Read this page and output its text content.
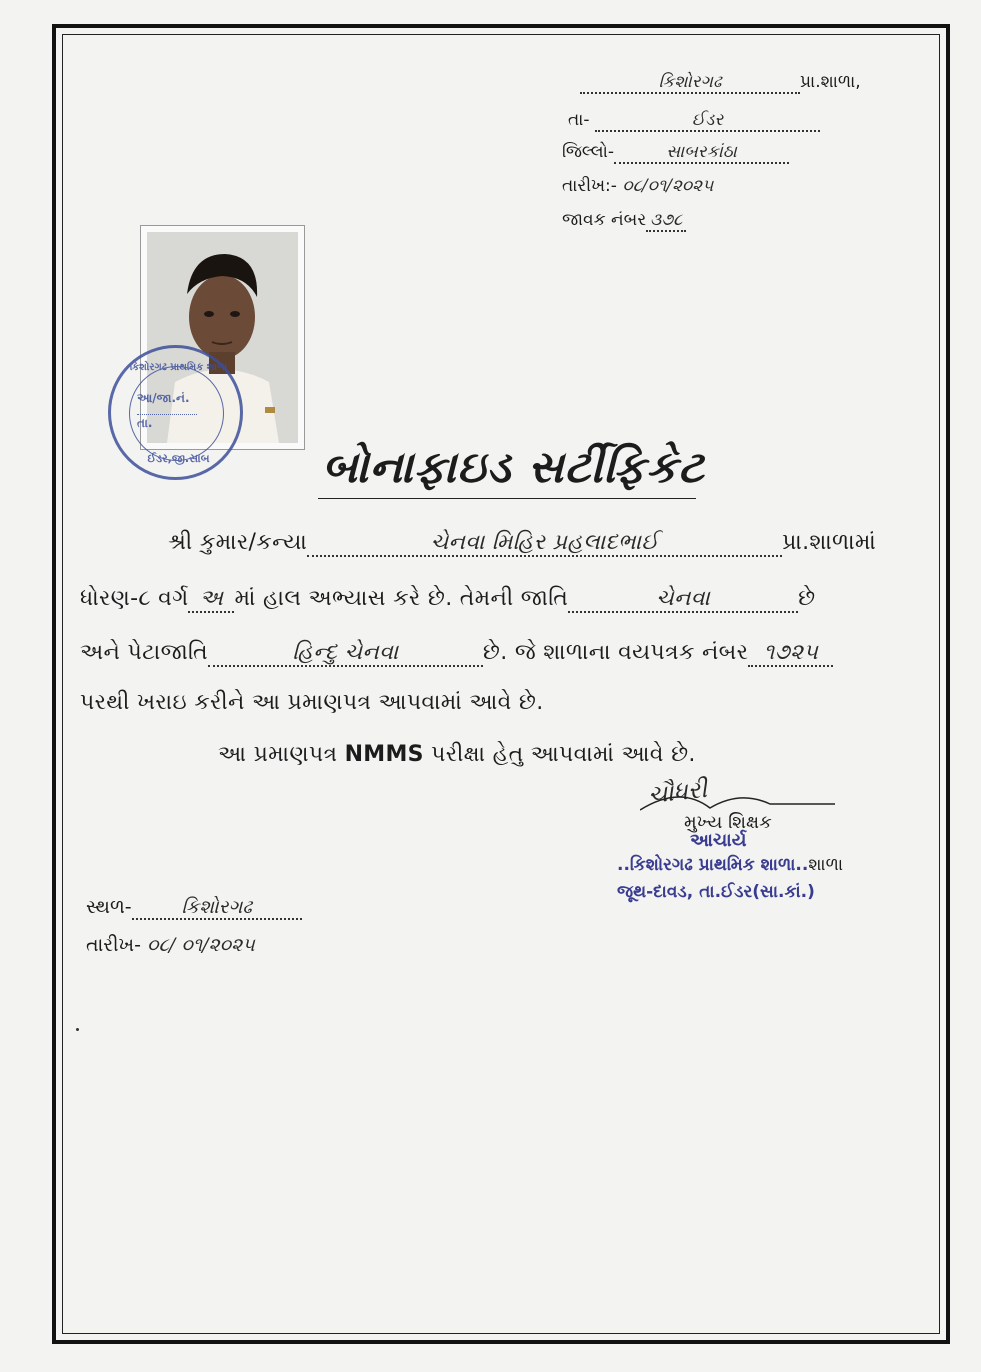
કિશોરગઢ	પ્રા.શાળા,
તા-	ઈડર
જિલ્લો-	સાબરકાંઠા
તારીખ:- ૦૮/૦૧/૨૦૨૫
જાવક નંબર ૩૭૮
કિશોરગઢ પ્રાથમિક શાળા
આ/જા.નં.
તા.
ઈડર,જી.સાબ	બોનાફાઇડ સર્ટીફિકેટ
શ્રી કુમાર/કન્યા	ચેનવા મિહિર પ્રહલાદભાઈ	પ્રા.શાળામાં
ધોરણ-૮ વર્ગ અ માં હાલ અભ્યાસ કરે છે. તેમની જાતિ	ચેનવા	છે
અને પેટાજાતિ	હિન્દુ ચેનવા	છે. જે શાળાના વયપત્રક નંબર ૧૭૨૫
પરથી ખરાઇ કરીને આ પ્રમાણપત્ર આપવામાં આવે છે.
આ પ્રમાણપત્ર NMMS પરીક્ષા હેતુ આપવામાં આવે છે.
ચૌધરી
મુખ્ય શિક્ષક
આચાર્ય
..કિશોરગઢ પ્રાથમિક શાળા..શાળા
જૂથ-દાવડ, તા.ઈડર(સા.કાં.)
સ્થળ-	કિશોરગઢ
તારીખ- ૦૮/ ૦૧/૨૦૨૫
